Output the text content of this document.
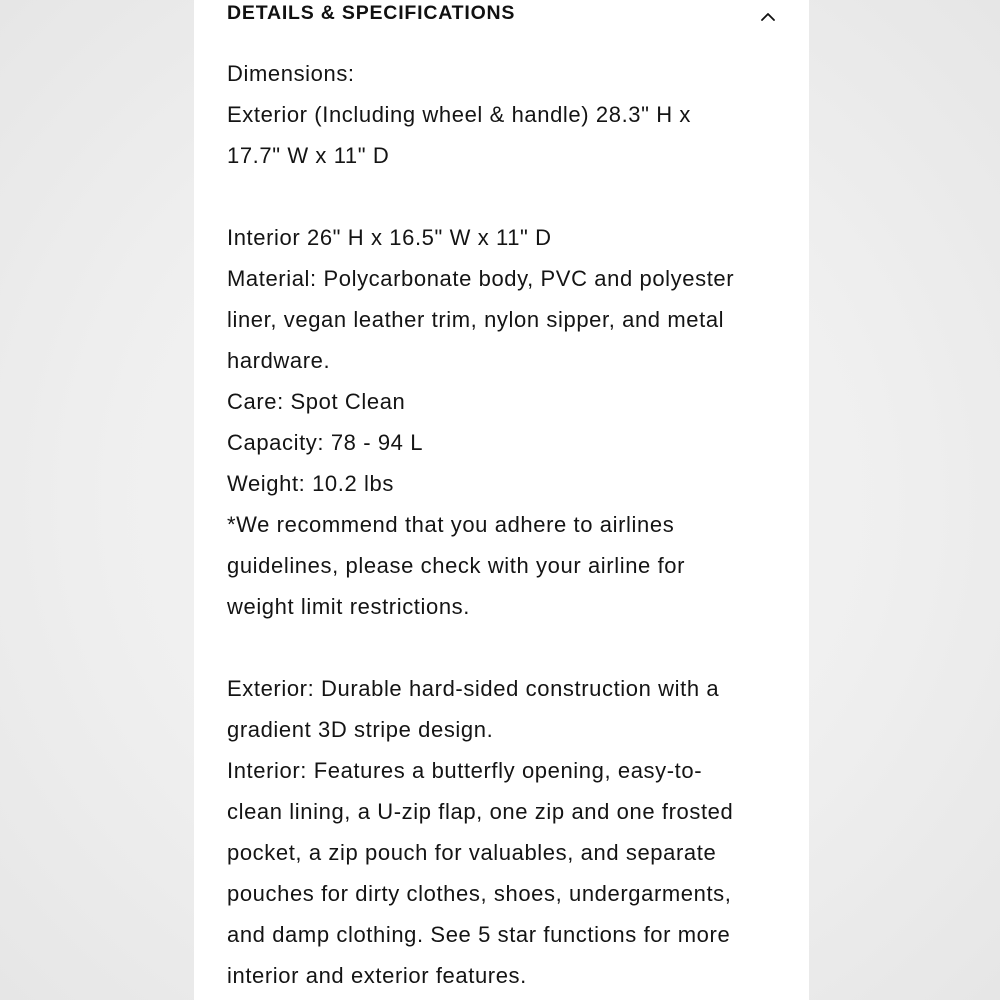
DETAILS & SPECIFICATIONS
Dimensions:
Exterior (Including wheel & handle) 28.3" H x
17.7" W x 11" D
Interior 26" H x 16.5" W x 11" D
Material: Polycarbonate body, PVC and polyester
liner, vegan leather trim, nylon sipper, and metal
hardware.
Care: Spot Clean
Capacity: 78 - 94 L
Weight: 10.2 lbs
*We recommend that you adhere to airlines
guidelines, please check with your airline for
weight limit restrictions.
Exterior: Durable hard-sided construction with a
gradient 3D stripe design.
Interior: Features a butterfly opening, easy-to-
clean lining, a U-zip flap, one zip and one frosted
pocket, a zip pouch for valuables, and separate
pouches for dirty clothes, shoes, undergarments,
and damp clothing. See 5 star functions for more
interior and exterior features.
